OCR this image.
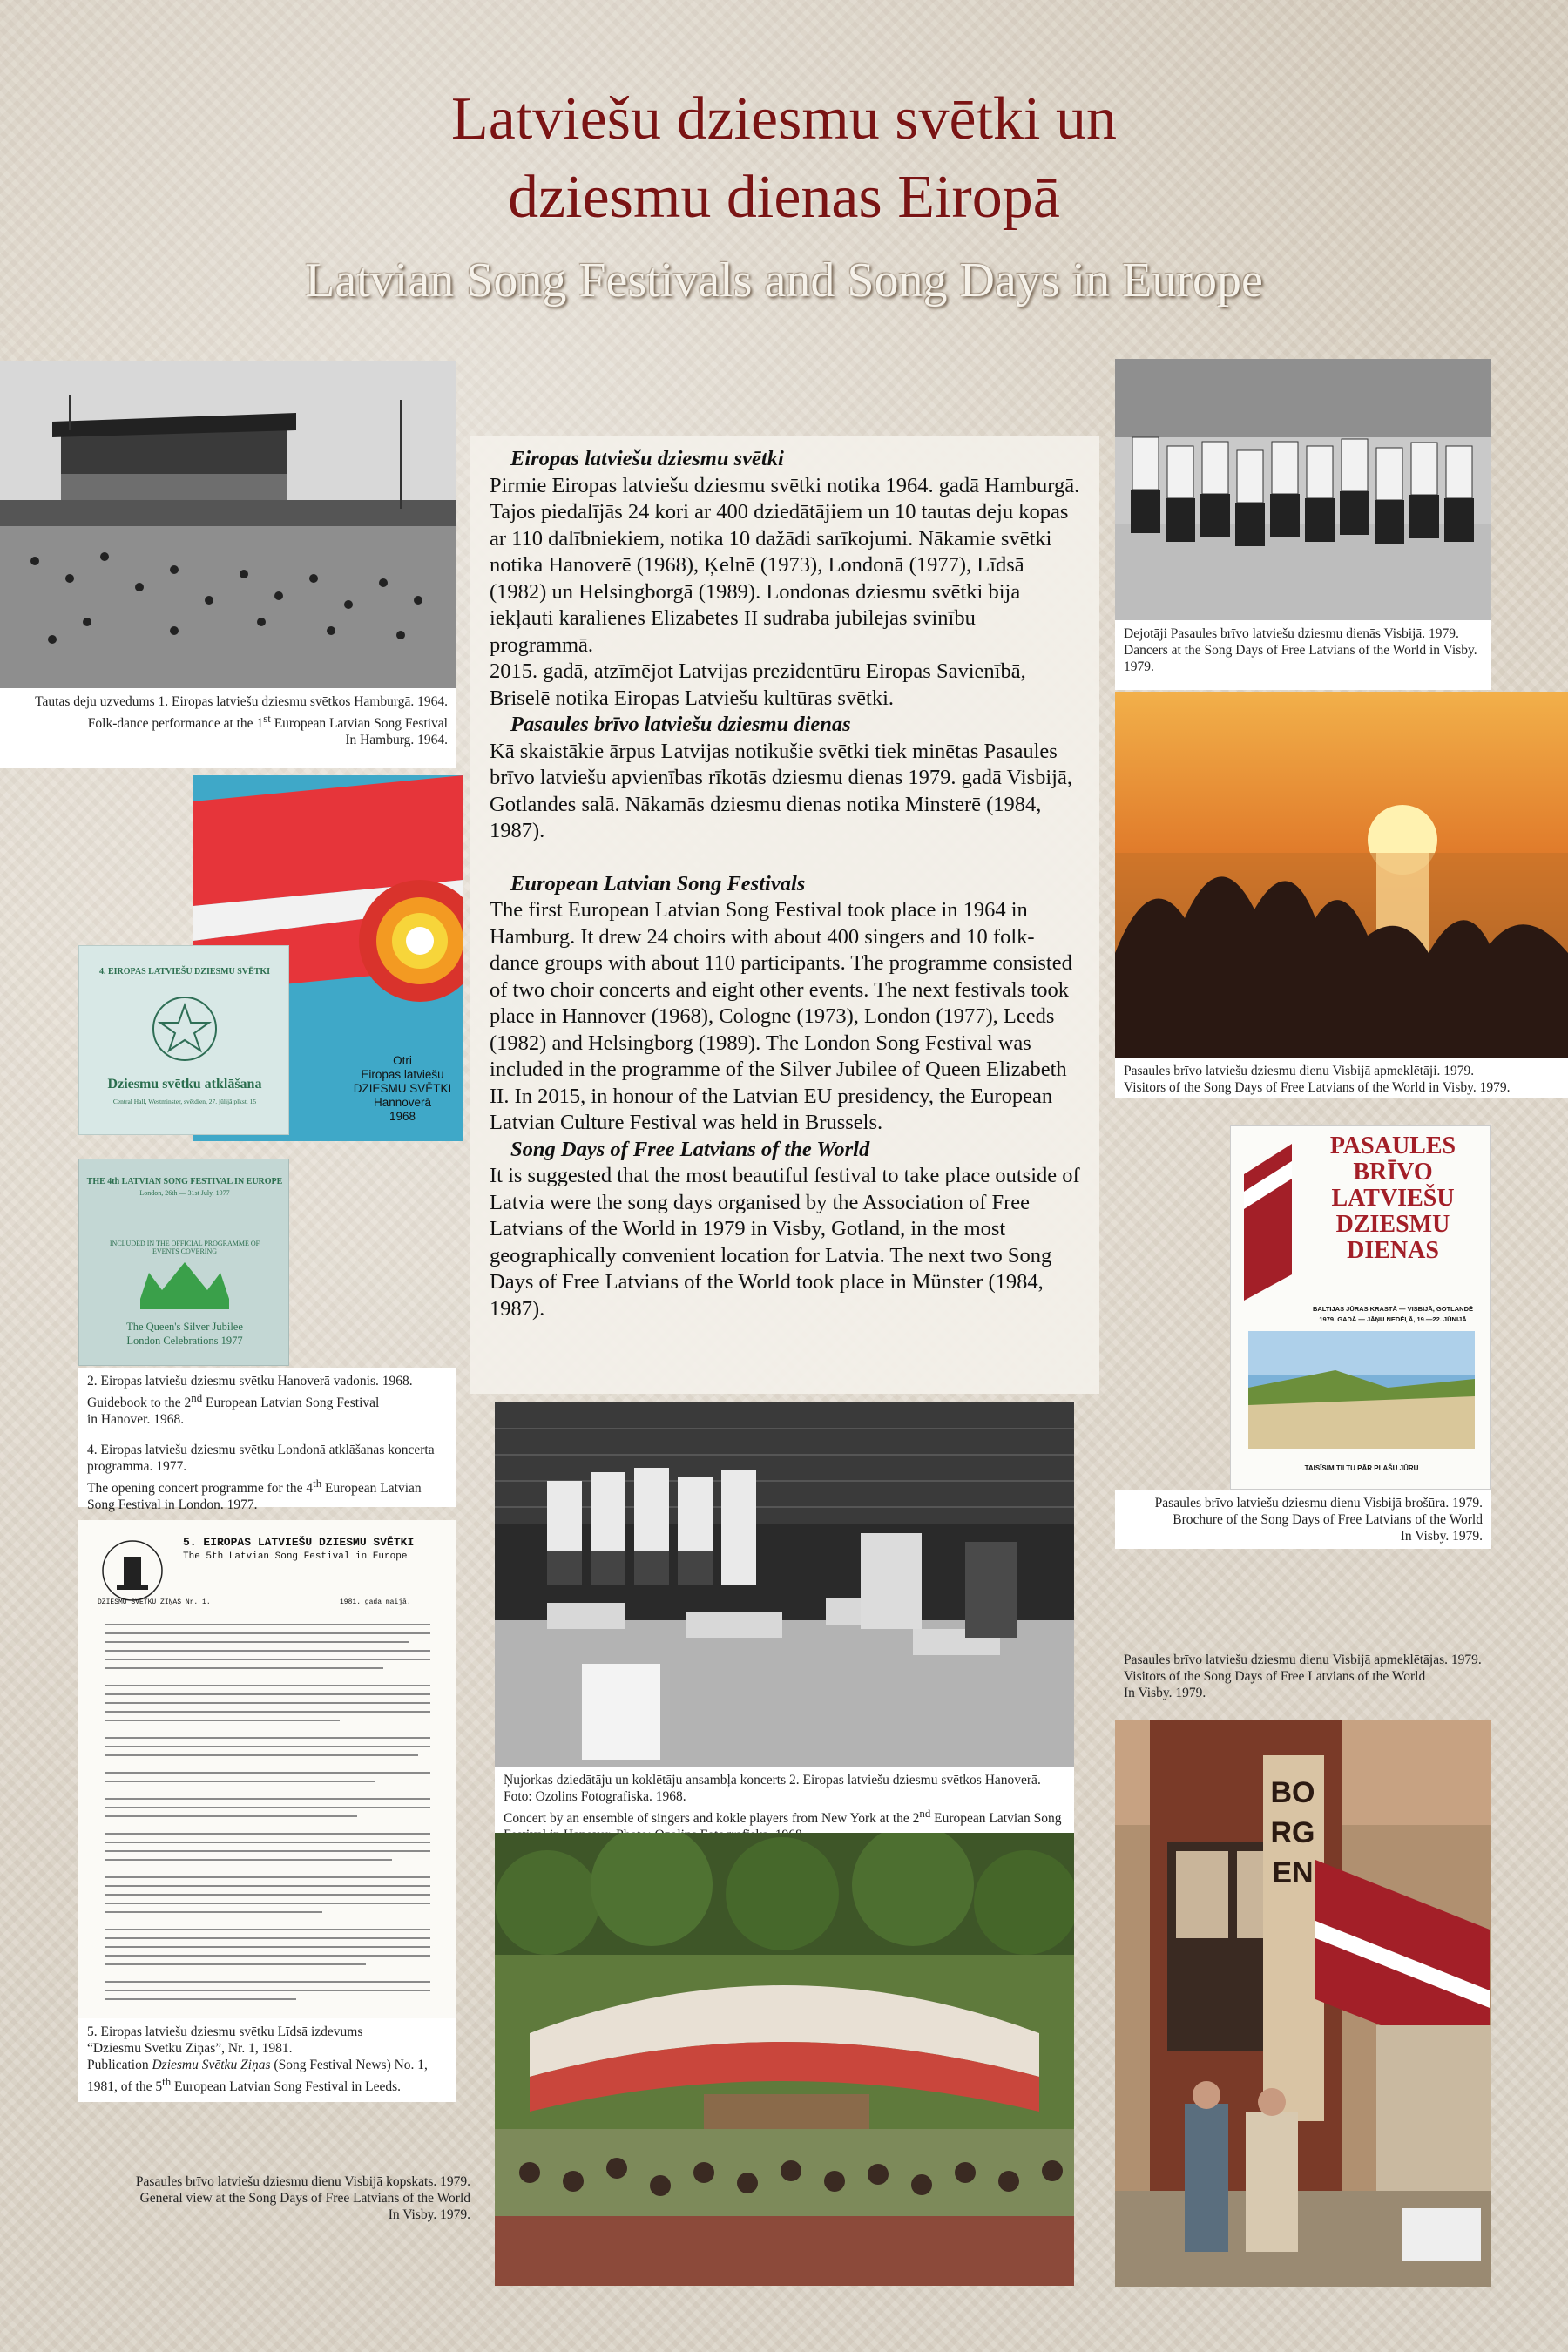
Latviešu dziesmu svētki un
dziesmu dienas Eiropā
Latvian Song Festivals and Song Days in Europe

Tautas deju uzvedums 1. Eiropas latviešu dziesmu svētkos Hamburgā. 1964.

Folk-dance performance at the 1st European Latvian Song Festival

In Hamburg. 1964.

Otri
Eiropas latviešu
DZIESMU SVĒTKI
Hannoverā
1968
4. EIROPAS LATVIEŠU DZIESMU SVĒTKI
Dziesmu svētku atklāšana
Central Hall, Westminster, svētdien, 27. jūlijā plkst. 15
THE 4th LATVIAN SONG FESTIVAL IN EUROPE
London, 26th — 31st July, 1977
INCLUDED IN THE OFFICIAL PROGRAMME OF EVENTS COVERING
The Queen's Silver Jubilee
London Celebrations 1977

2. Eiropas latviešu dziesmu svētku Hanoverā vadonis. 1968.

Guidebook to the 2nd European Latvian Song Festival

in Hanover. 1968.

4. Eiropas latviešu dziesmu svētku Londonā atklāšanas koncerta programma. 1977.

The opening concert programme for the 4th European Latvian Song Festival in London. 1977.

5. EIROPAS LATVIEŠU DZIESMU SVĒTKI
The 5th Latvian Song Festival in Europe
DZIESMU SVĒTKU ZIŅAS Nr. 1.	1981. gada maijā.

5. Eiropas latviešu dziesmu svētku Līdsā izdevums

“Dziesmu Svētku Ziņas”, Nr. 1, 1981.

Publication Dziesmu Svētku Ziņas (Song Festival News) No. 1,

1981, of the 5th European Latvian Song Festival in Leeds.

Pasaules brīvo latviešu dziesmu dienu Visbijā kopskats. 1979.
General view at the Song Days of Free Latvians of the World
In Visby. 1979.

Eiropas latviešu dziesmu svētki

Pirmie Eiropas latviešu dziesmu svētki notika 1964. gadā Hamburgā. Tajos piedalījās 24 kori ar 400 dziedātājiem un 10 tautas deju kopas ar 110 dalībniekiem, notika 10 dažādi sarīkojumi. Nākamie svētki notika Hanoverē (1968), Ķelnē (1973), Londonā (1977), Līdsā (1982) un Helsingborgā (1989). Londonas dziesmu svētki bija iekļauti karalienes Elizabetes II sudraba jubilejas svinību programmā.

2015. gadā, atzīmējot Latvijas prezidentūru Eiropas Savienībā, Briselē notika Eiropas Latviešu kultūras svētki.

Pasaules brīvo latviešu dziesmu dienas

Kā skaistākie ārpus Latvijas notikušie svētki tiek minētas Pasaules brīvo latviešu apvienības rīkotās dziesmu dienas 1979. gadā Visbijā, Gotlandes salā. Nākamās dziesmu dienas notika Minsterē (1984, 1987).

European Latvian Song Festivals

The first European Latvian Song Festival took place in 1964 in Hamburg. It drew 24 choirs with about 400 singers and 10 folk-dance groups with about 110 participants. The programme consisted of two choir concerts and eight other events. The next festivals took place in Hannover (1968), Cologne (1973), London (1977), Leeds (1982) and Helsingborg (1989). The London Song Festival was included in the programme of the Silver Jubilee of Queen Elizabeth II. In 2015, in honour of the Latvian EU presidency, the European Latvian Culture Festival was held in Brussels.

Song Days of Free Latvians of the World

It is suggested that the most beautiful festival to take place outside of Latvia were the song days organised by the Association of Free Latvians of the World in 1979 in Visby, Gotland, in the most geographically convenient location for Latvia. The next two Song Days of Free Latvians of the World took place in Münster (1984, 1987).

Dejotāji Pasaules brīvo latviešu dziesmu dienās Visbijā. 1979.

Dancers at the Song Days of Free Latvians of the World in Visby. 1979.

Pasaules brīvo latviešu dziesmu dienu Visbijā apmeklētāji. 1979.

Visitors of the Song Days of Free Latvians of the World in Visby. 1979.

PASAULES
BRĪVO
LATVIEŠU
DZIESMU
DIENAS
BALTIJAS JŪRAS KRASTĀ — VISBIJĀ, GOTLANDĒ
1979. GADĀ — JĀŅU NEDĒĻĀ, 19.—22. JŪNIJĀ
TAISĪSIM TILTU PĀR PLAŠU JŪRU

Pasaules brīvo latviešu dziesmu dienu Visbijā brošūra. 1979.

Brochure of the Song Days of Free Latvians of the World

In Visby. 1979.

Ņujorkas dziedātāju un koklētāju ansambļa koncerts 2. Eiropas latviešu dziesmu svētkos Hanoverā. Foto: Ozolins Fotografiska. 1968.

Concert by an ensemble of singers and kokle players from New York at the 2nd European Latvian Song

Pasaules brīvo latviešu dziesmu dienu Visbijā apmeklētājas. 1979.

Visitors of the Song Days of Free Latvians of the World

In Visby. 1979.

BORGEN
